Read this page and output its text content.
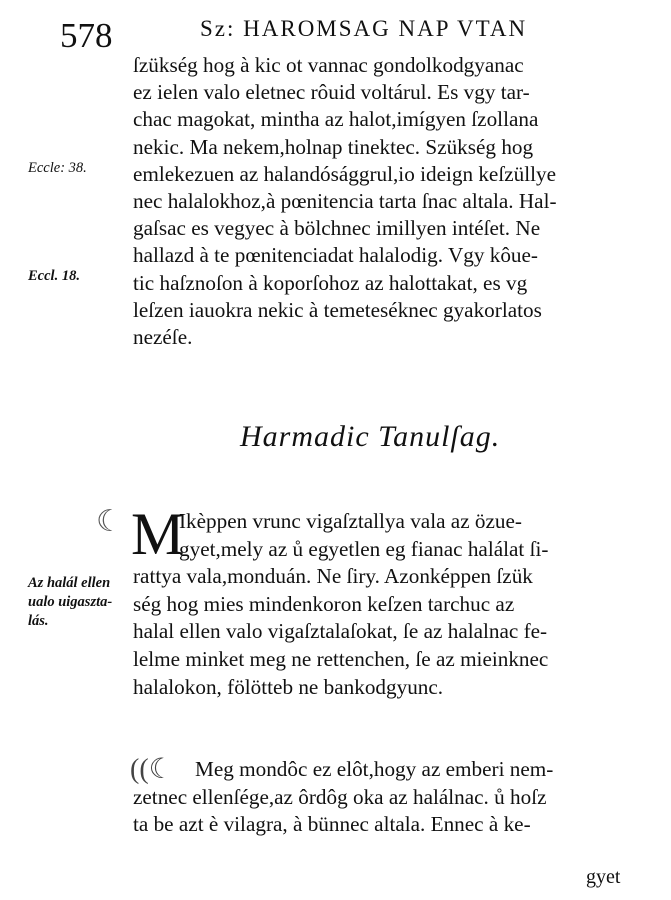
578	Sz: HAROMSAG NAP VTAN
ſzükség hog à kic ot vannac gondolkodgyanac
ez ielen valo eletnec rôuid voltárul. Es vgy tar-
chac magokat, mintha az halot,imígyen ſzollana
nekic. Ma nekem,holnap tinektec. Szükség hog
emlekezuen az halandósággrul,io ideign keſzüllye
nec halalokhoz,à pœnitencia tarta ſnac altala. Hal-
gaſsac es vegyec à bölchnec imillyen intéſet. Ne
hallazd à te pœnitenciadat halalodig. Vgy kôue-
tic haſznoſon à koporſohoz az halottakat, es vg
leſzen iauokra nekic à temeteséknec gyakorlatos
nezéſe.
Eccle: 38.
Eccl. 18.
Harmadic Tanulſag.
☾ M
Ikèppen vrunc vigaſztallya vala az özue-
gyet,mely az ů egyetlen eg fianac halálat ſi-
rattya vala,monduán. Ne ſiry. Azonképpen ſzük
ség hog mies mindenkoron keſzen tarchuc az
halal ellen valo vigaſztalaſokat, ſe az halalnac fe-
lelme minket meg ne rettenchen, ſe az mieinknec
halalokon, fölötteb ne bankodgyunc.
Az halál ellen
ualo uigaszta-
lás.
((☾	Meg mondôc ez elôt,hogy az emberi nem-
zetnec ellenſége,az ôrdôg oka az halálnac. ů hoſz
ta be azt è vilagra, à bünnec altala. Ennec à ke-
gyet
